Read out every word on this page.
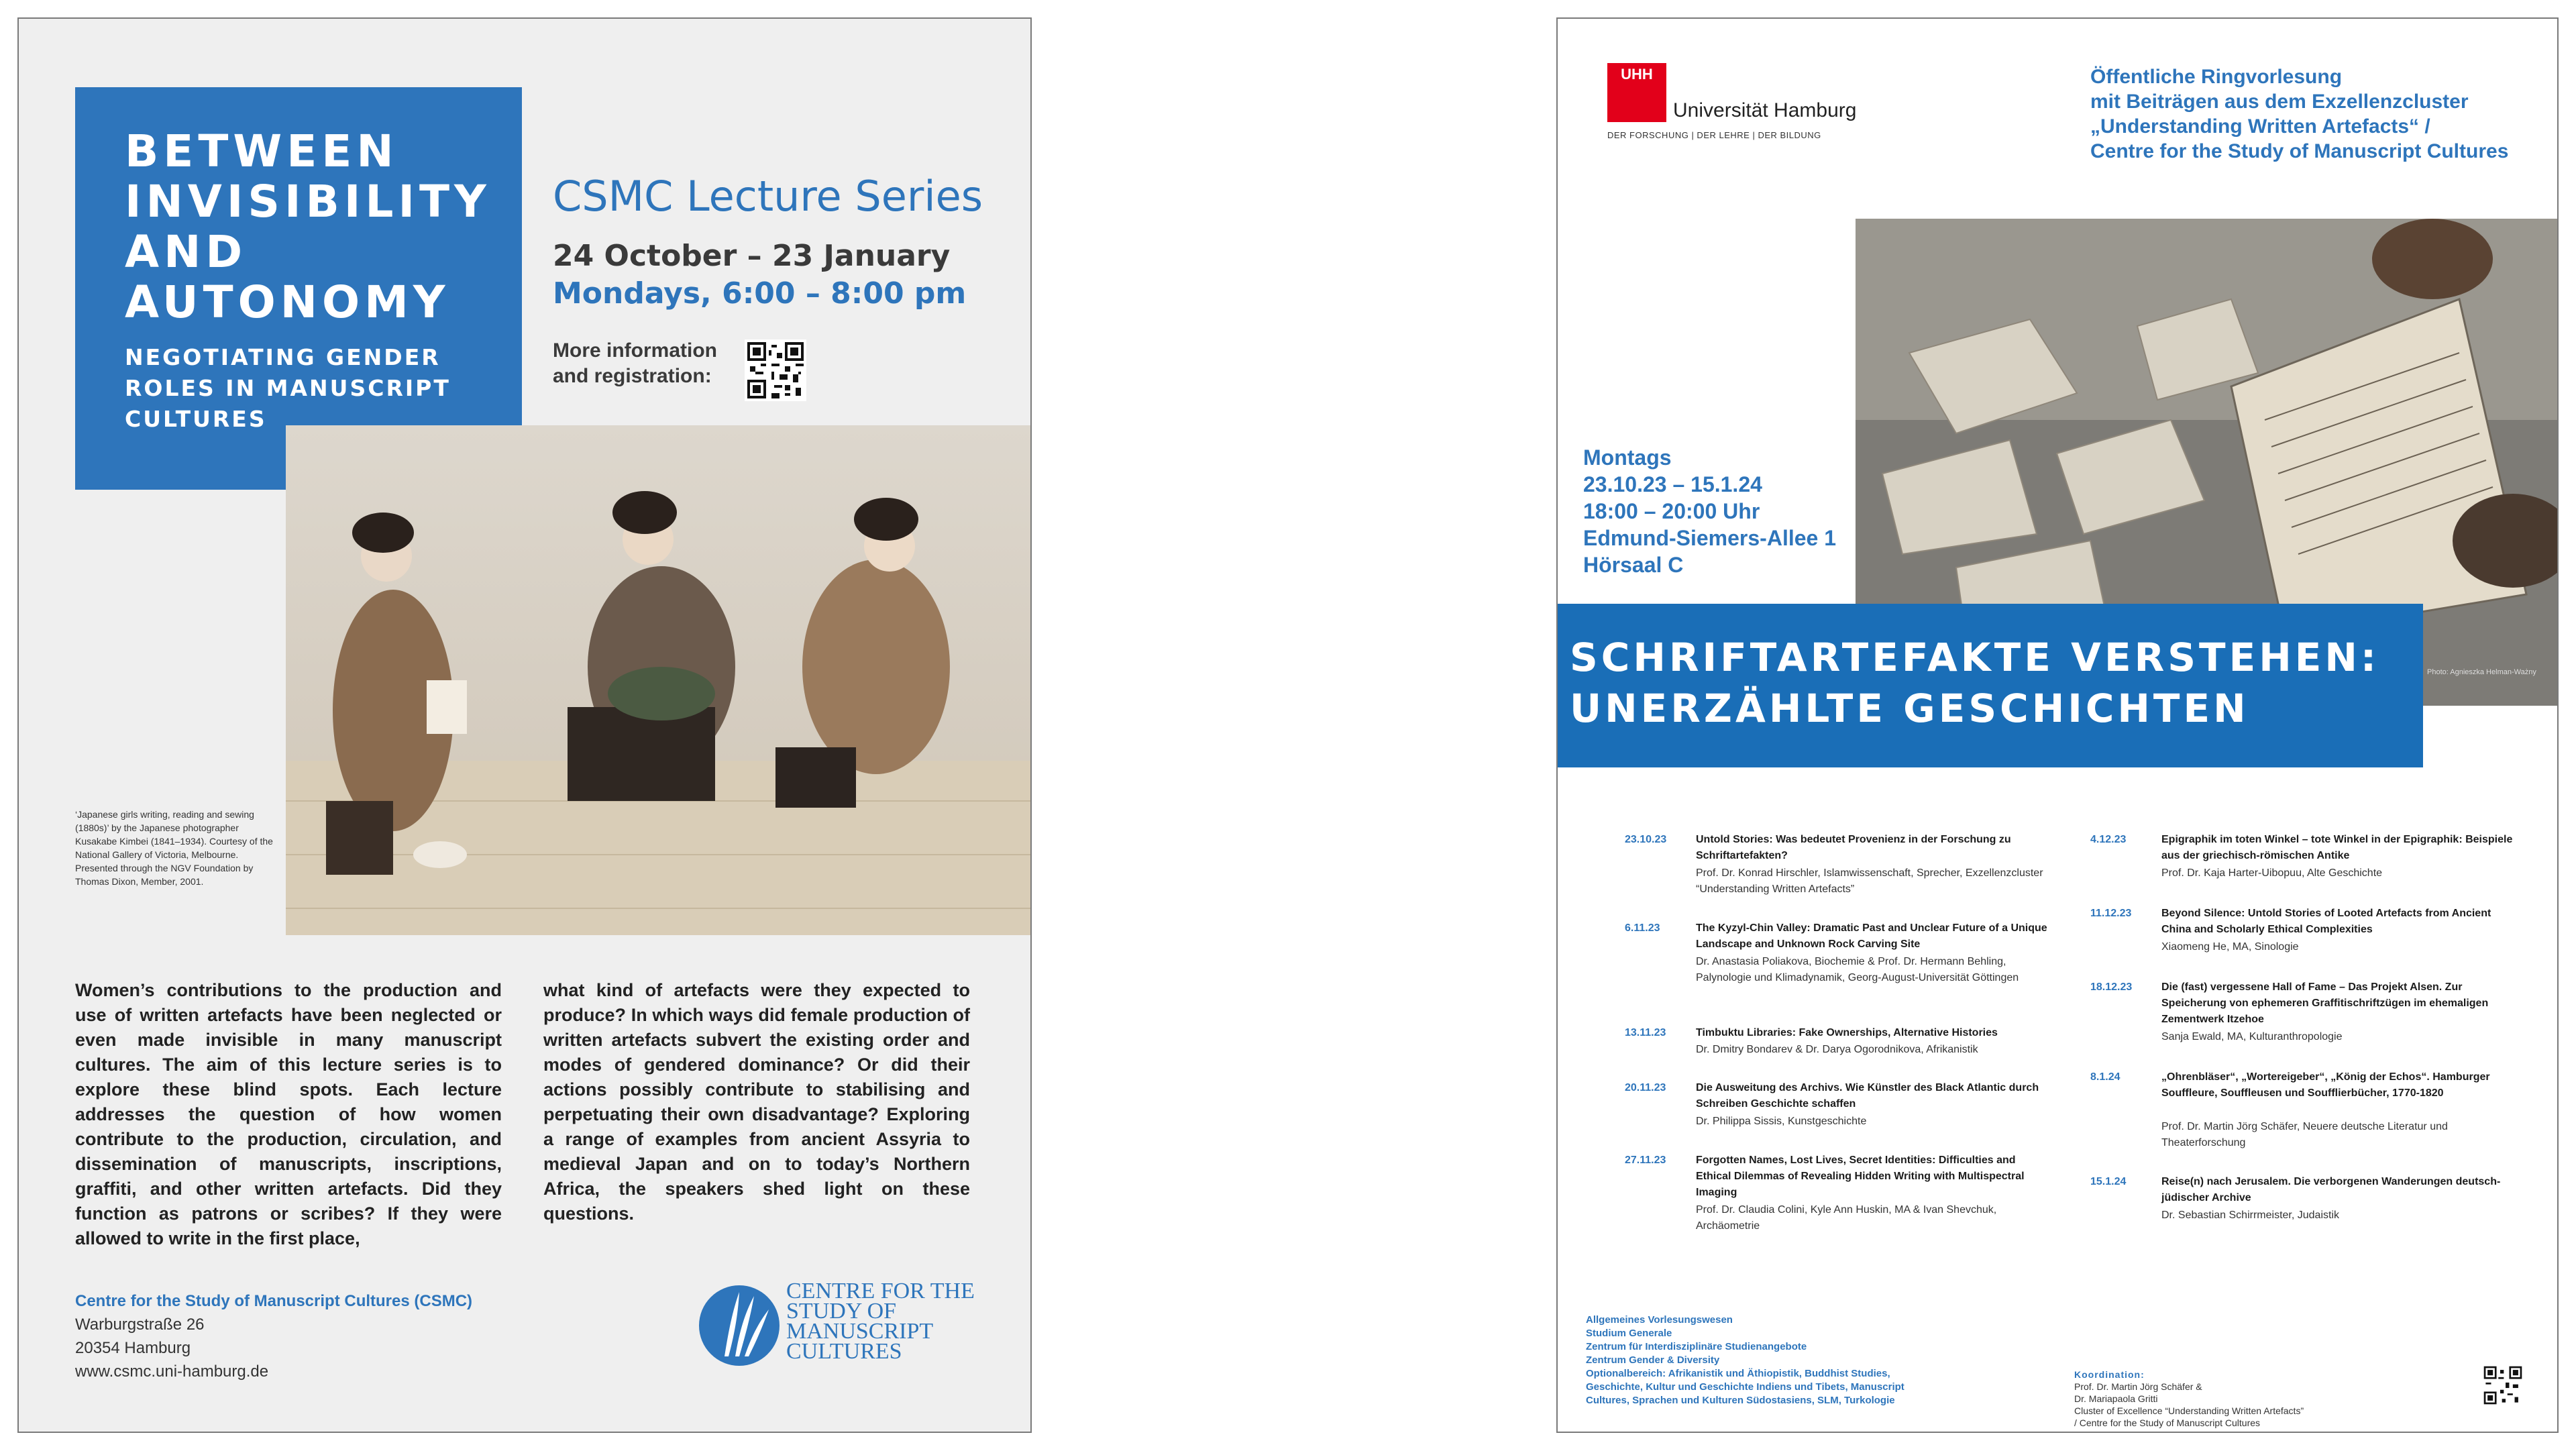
BETWEEN
INVISIBILITY
AND
AUTONOMY
NEGOTIATING GENDER
ROLES IN MANUSCRIPT
CULTURES
CSMC Lecture Series
24 October – 23 January
Mondays, 6:00 – 8:00 pm
More information
and registration:
‘Japanese girls writing, reading and sewing (1880s)’ by the Japanese photographer Kusakabe Kimbei (1841–1934). Courtesy of the National Gallery of Victoria, Melbourne. Presented through the NGV Foundation by Thomas Dixon, Member, 2001.
Women’s contributions to the production and use of written artefacts have been neglected or even made invisible in many manuscript cultures. The aim of this lecture series is to explore these blind spots. Each lecture addresses the question of how women contribute to the production, circulation, and dissemination of manuscripts, inscriptions, graffiti, and other written artefacts. Did they function as patrons or scribes? If they were allowed to write in the first place,
what kind of artefacts were they expected to produce? In which ways did female production of written artefacts subvert the existing order and modes of gendered dominance? Or did their actions possibly contribute to stabilising and perpetuating their own disadvantage? Exploring a range of examples from ancient Assyria to medieval Japan and on to today’s Northern Africa, the speakers shed light on these questions.
Centre for the Study of Manuscript Cultures (CSMC)
Warburgstraße 26
20354 Hamburg
www.csmc.uni-hamburg.de
CENTRE FOR THE
STUDY OF
MANUSCRIPT
CULTURES
UHH
Universität Hamburg
DER FORSCHUNG | DER LEHRE | DER BILDUNG
Öffentliche Ringvorlesung
mit Beiträgen aus dem Exzellenzcluster
„Understanding Written Artefacts“ /
Centre for the Study of Manuscript Cultures
Photo: Agnieszka Helman-Ważny
Montags
23.10.23 – 15.1.24
18:00 – 20:00 Uhr
Edmund-Siemers-Allee 1
Hörsaal C
SCHRIFTARTEFAKTE VERSTEHEN:
UNERZÄHLTE GESCHICHTEN
23.10.23	Untold Stories: Was bedeutet Provenienz in der Forschung zu Schriftartefakten?
Prof. Dr. Konrad Hirschler, Islamwissenschaft, Sprecher, Exzellenzcluster “Understanding Written Artefacts”
6.11.23	The Kyzyl-Chin Valley: Dramatic Past and Unclear Future of a Unique Landscape and Unknown Rock Carving Site
Dr. Anastasia Poliakova, Biochemie & Prof. Dr. Hermann Behling, Palynologie und Klimadynamik, Georg-August-Universität Göttingen
13.11.23	Timbuktu Libraries: Fake Ownerships, Alternative Histories
Dr. Dmitry Bondarev & Dr. Darya Ogorodnikova, Afrikanistik
20.11.23	Die Ausweitung des Archivs. Wie Künstler des Black Atlantic durch Schreiben Geschichte schaffen
Dr. Philippa Sissis, Kunstgeschichte
27.11.23	Forgotten Names, Lost Lives, Secret Identities: Difficulties and Ethical Dilemmas of Revealing Hidden Writing with Multispectral Imaging
Prof. Dr. Claudia Colini, Kyle Ann Huskin, MA & Ivan Shevchuk, Archäometrie
4.12.23	Epigraphik im toten Winkel – tote Winkel in der Epigraphik: Beispiele aus der griechisch-römischen Antike
Prof. Dr. Kaja Harter-Uibopuu, Alte Geschichte
11.12.23	Beyond Silence: Untold Stories of Looted Artefacts from Ancient China and Scholarly Ethical Complexities
Xiaomeng He, MA, Sinologie
18.12.23	Die (fast) vergessene Hall of Fame – Das Projekt Alsen. Zur Speicherung von ephemeren Graffitischriftzügen im ehemaligen Zementwerk Itzehoe
Sanja Ewald, MA, Kulturanthropologie
8.1.24	„Ohrenbläser“, „Wortereigeber“, „König der Echos“. Hamburger Souffleure, Souffleusen und Soufflierbücher, 1770-1820
Prof. Dr. Martin Jörg Schäfer, Neuere deutsche Literatur und Theaterforschung
15.1.24	Reise(n) nach Jerusalem. Die verborgenen Wanderungen deutsch-jüdischer Archive
Dr. Sebastian Schirrmeister, Judaistik
Allgemeines Vorlesungswesen
Studium Generale
Zentrum für Interdisziplinäre Studienangebote
Zentrum Gender & Diversity
Optionalbereich: Afrikanistik und Äthiopistik, Buddhist Studies,
Geschichte, Kultur und Geschichte Indiens und Tibets, Manuscript
Cultures, Sprachen und Kulturen Südostasiens, SLM, Turkologie
Koordination:
Prof. Dr. Martin Jörg Schäfer &
Dr. Mariapaola Gritti
Cluster of Excellence “Understanding Written Artefacts”
/ Centre for the Study of Manuscript Cultures
